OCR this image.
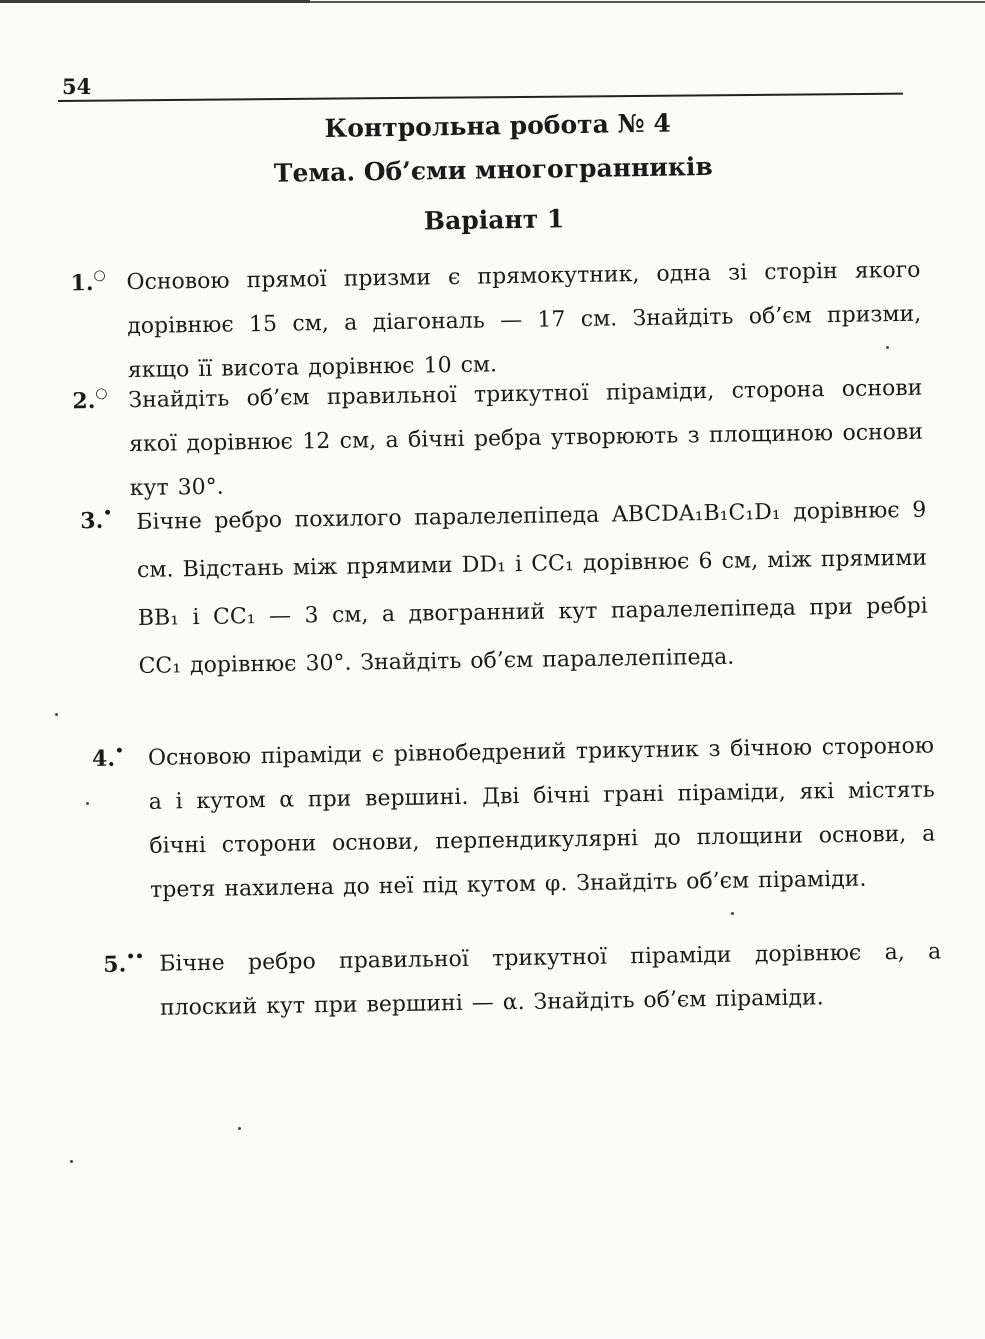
54
Контрольна робота № 4
Тема. Об’єми многогранників
Варіант 1
1.○ Основою прямої призми є прямокутник, одна зі сторін якого дорівнює 15 см, а діагональ — 17 см. Знайдіть об’єм призми, якщо її висота дорівнює 10 см.
2.○ Знайдіть об’єм правильної трикутної піраміди, сторона основи якої дорівнює 12 см, а бічні ребра утворюють з площиною основи кут 30°.
3.• Бічне ребро похилого паралелепіпеда ABCDA₁B₁C₁D₁ дорівнює 9 см. Відстань між прямими DD₁ і CC₁ дорівнює 6 см, між прямими BB₁ і CC₁ — 3 см, а двогранний кут паралелепіпеда при ребрі CC₁ дорівнює 30°. Знайдіть об’єм паралелепіпеда.
4.• Основою піраміди є рівнобедрений трикутник з бічною стороною a і кутом α при вершині. Дві бічні грані піраміди, які містять бічні сторони основи, перпендикулярні до площини основи, а третя нахилена до неї під кутом φ. Знайдіть об’єм піраміди.
5.•• Бічне ребро правильної трикутної піраміди дорівнює a, а плоский кут при вершині — α. Знайдіть об’єм піраміди.
